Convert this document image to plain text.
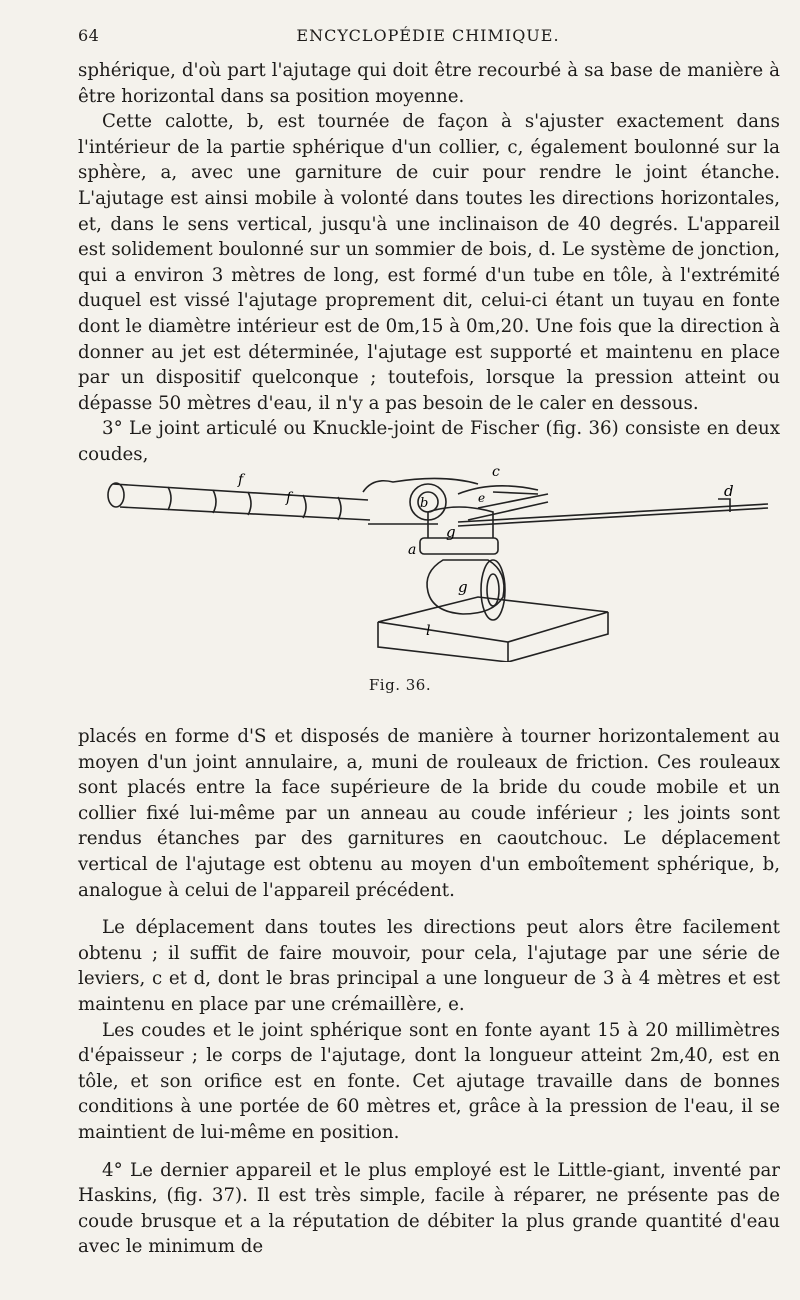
64	ENCYCLOPÉDIE CHIMIQUE.

sphérique, d'où part l'ajutage qui doit être recourbé à sa base de manière à être horizontal dans sa position moyenne.

Cette calotte, b, est tournée de façon à s'ajuster exactement dans l'intérieur de la partie sphérique d'un collier, c, également boulonné sur la sphère, a, avec une garniture de cuir pour rendre le joint étanche. L'ajutage est ainsi mobile à volonté dans toutes les directions horizontales, et, dans le sens vertical, jusqu'à une inclinaison de 40 degrés. L'appareil est solidement boulonné sur un sommier de bois, d. Le système de jonction, qui a environ 3 mètres de long, est formé d'un tube en tôle, à l'extrémité duquel est vissé l'ajutage proprement dit, celui-ci étant un tuyau en fonte dont le diamètre intérieur est de 0m,15 à 0m,20. Une fois que la direction à donner au jet est déterminée, l'ajutage est supporté et maintenu en place par un dispositif quelconque ; toutefois, lorsque la pression atteint ou dépasse 50 mètres d'eau, il n'y a pas besoin de le caler en dessous.

3° Le joint articulé ou Knuckle-joint de Fischer (fig. 36) consiste en deux coudes,

f
f
c
e	d
b
g
g
a
l
Fig. 36.

placés en forme d'S et disposés de manière à tourner horizontalement au moyen d'un joint annulaire, a, muni de rouleaux de friction. Ces rouleaux sont placés entre la face supérieure de la bride du coude mobile et un collier fixé lui-même par un anneau au coude inférieur ; les joints sont rendus étanches par des garnitures en caoutchouc. Le déplacement vertical de l'ajutage est obtenu au moyen d'un emboîtement sphérique, b, analogue à celui de l'appareil précédent.

Le déplacement dans toutes les directions peut alors être facilement obtenu ; il suffit de faire mouvoir, pour cela, l'ajutage par une série de leviers, c et d, dont le bras principal a une longueur de 3 à 4 mètres et est maintenu en place par une crémaillère, e.

Les coudes et le joint sphérique sont en fonte ayant 15 à 20 millimètres d'épaisseur ; le corps de l'ajutage, dont la longueur atteint 2m,40, est en tôle, et son orifice est en fonte. Cet ajutage travaille dans de bonnes conditions à une portée de 60 mètres et, grâce à la pression de l'eau, il se maintient de lui-même en position.

4° Le dernier appareil et le plus employé est le Little-giant, inventé par Haskins, (fig. 37). Il est très simple, facile à réparer, ne présente pas de coude brusque et a la réputation de débiter la plus grande quantité d'eau avec le minimum de
